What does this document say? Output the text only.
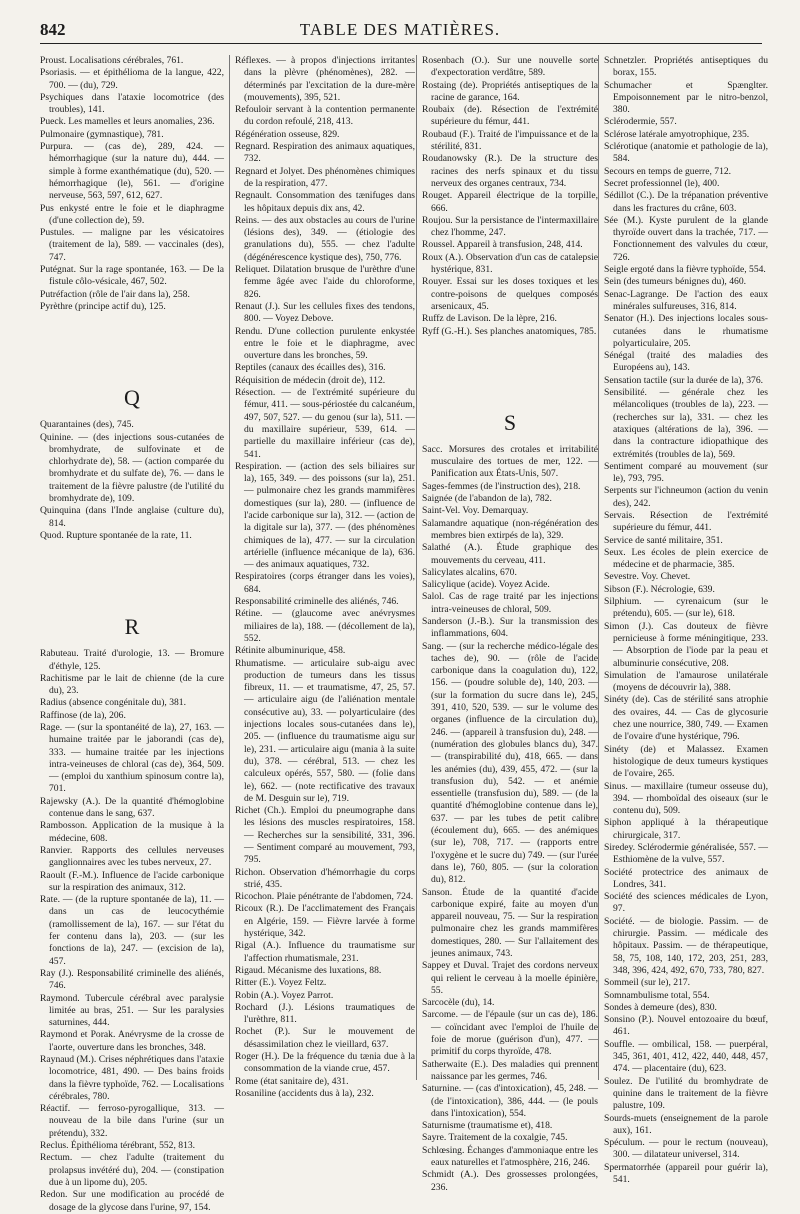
842	TABLE DES MATIÈRES.

Proust. Localisations cérébrales, 761.

Psoriasis. — et épithélioma de la langue, 422, 700. — (du), 729.

Psychiques dans l'ataxie locomotrice (des troubles), 141.

Pueck. Les mamelles et leurs anomalies, 236.

Pulmonaire (gymnastique), 781.

Purpura. — (cas de), 289, 424. — hémorrhagique (sur la nature du), 444. — simple à forme exanthématique (du), 520. — hémorrhagique (le), 561. — d'origine nerveuse, 563, 597, 612, 627.

Pus enkysté entre le foie et le diaphragme (d'une collection de), 59.

Pustules. — maligne par les vésicatoires (traitement de la), 589. — vaccinales (des), 747.

Putégnat. Sur la rage spontanée, 163. — De la fistule côlo-vésicale, 467, 502.

Putréfaction (rôle de l'air dans la), 258.

Pyrèthre (principe actif du), 125.

Q

Quarantaines (des), 745.

Quinine. — (des injections sous-cutanées de bromhydrate, de sulfovinate et de chlorhydrate de), 58. — (action comparée du bromhydrate et du sulfate de), 76. — dans le traitement de la fièvre palustre (de l'utilité du bromhydrate de), 109.

Quinquina (dans l'Inde anglaise (culture du), 814.

Quod. Rupture spontanée de la rate, 11.

R

Rabuteau. Traité d'urologie, 13. — Bromure d'éthyle, 125.

Rachitisme par le lait de chienne (de la cure du), 23.

Radius (absence congénitale du), 381.

Raffinose (de la), 206.

Rage. — (sur la spontanéité de la), 27, 163. — humaine traitée par le jaborandi (cas de), 333. — humaine traitée par les injections intra-veineuses de chloral (cas de), 364, 509. — (emploi du xanthium spinosum contre la), 701.

Rajewsky (A.). De la quantité d'hémoglobine contenue dans le sang, 637.

Rambosson. Application de la musique à la médecine, 608.

Ranvier. Rapports des cellules nerveuses ganglionnaires avec les tubes nerveux, 27.

Raoult (F.-M.). Influence de l'acide carbonique sur la respiration des animaux, 312.

Rate. — (de la rupture spontanée de la), 11. — dans un cas de leucocythémie (ramollissement de la), 167. — sur l'état du fer contenu dans la), 203. — (sur les fonctions de la), 247. — (excision de la), 457.

Ray (J.). Responsabilité criminelle des aliénés, 746.

Raymond. Tubercule cérébral avec paralysie limitée au bras, 251. — Sur les paralysies saturnines, 444.

Raymond et Porak. Anévrysme de la crosse de l'aorte, ouverture dans les bronches, 348.

Raynaud (M.). Crises néphrétiques dans l'ataxie locomotrice, 481, 490. — Des bains froids dans la fièvre typhoïde, 762. — Localisations cérébrales, 780.

Réactif. — ferroso-pyrogallique, 313. — nouveau de la bile dans l'urine (sur un prétendu), 332.

Reclus. Épithélioma térébrant, 552, 813.

Rectum. — chez l'adulte (traitement du prolapsus invétéré du), 204. — (constipation due à un lipome du), 205.

Redon. Sur une modification au procédé de dosage de la glycose dans l'urine, 97, 154.

Réflexes. — à propos d'injections irritantes dans la plèvre (phénomènes), 282. — déterminés par l'excitation de la dure-mère (mouvements), 395, 521.

Refouloir servant à la contention permanente du cordon refoulé, 218, 413.

Régénération osseuse, 829.

Regnard. Respiration des animaux aquatiques, 732.

Regnard et Jolyet. Des phénomènes chimiques de la respiration, 477.

Regnault. Consommation des tænifuges dans les hôpitaux depuis dix ans, 42.

Reins. — des aux obstacles au cours de l'urine (lésions des), 349. — (étiologie des granulations du), 555. — chez l'adulte (dégénérescence kystique des), 750, 776.

Reliquet. Dilatation brusque de l'urèthre d'une femme âgée avec l'aide du chloroforme, 826.

Renaut (J.). Sur les cellules fixes des tendons, 800. — Voyez Debove.

Rendu. D'une collection purulente enkystée entre le foie et le diaphragme, avec ouverture dans les bronches, 59.

Reptiles (canaux des écailles des), 316.

Réquisition de médecin (droit de), 112.

Résection. — de l'extrémité supérieure du fémur, 411. — sous-périostée du calcanéum, 497, 507, 527. — du genou (sur la), 511. — du maxillaire supérieur, 539, 614. — partielle du maxillaire inférieur (cas de), 541.

Respiration. — (action des sels biliaires sur la), 165, 349. — des poissons (sur la), 251. — pulmonaire chez les grands mammifères domestiques (sur la), 280. — (influence de l'acide carbonique sur la), 312. — (action de la digitale sur la), 377. — (des phénomènes chimiques de la), 477. — sur la circulation artérielle (influence mécanique de la), 636. — des animaux aquatiques, 732.

Respiratoires (corps étranger dans les voies), 684.

Responsabilité criminelle des aliénés, 746.

Rétine. — (glaucome avec anévrysmes miliaires de la), 188. — (décollement de la), 552.

Rétinite albuminurique, 458.

Rhumatisme. — articulaire sub-aigu avec production de tumeurs dans les tissus fibreux, 11. — et traumatisme, 47, 25, 57. — articulaire aigu (de l'aliénation mentale consécutive au), 33. — polyarticulaire (des injections locales sous-cutanées dans le), 205. — (influence du traumatisme aigu sur le), 231. — articulaire aigu (mania à la suite du), 378. — cérébral, 513. — chez les calculeux opérés, 557, 580. — (folie dans le), 662. — (note rectificative des travaux de M. Desguin sur le), 719.

Richet (Ch.). Emploi du pneumographe dans les lésions des muscles respiratoires, 158. — Recherches sur la sensibilité, 331, 396. — Sentiment comparé au mouvement, 793, 795.

Richon. Observation d'hémorrhagie du corps strié, 435.

Ricochon. Plaie pénétrante de l'abdomen, 724.

Ricoux (R.). De l'acclimatement des Français en Algérie, 159. — Fièvre larvée à forme hystérique, 342.

Rigal (A.). Influence du traumatisme sur l'affection rhumatismale, 231.

Rigaud. Mécanisme des luxations, 88.

Ritter (E.). Voyez Feltz.

Robin (A.). Voyez Parrot.

Rochard (J.). Lésions traumatiques de l'urèthre, 811.

Rochet (P.). Sur le mouvement de désassimilation chez le vieillard, 637.

Roger (H.). De la fréquence du tænia due à la consommation de la viande crue, 457.

Rome (état sanitaire de), 431.

Rosaniline (accidents dus à la), 232.

Rosenbach (O.). Sur une nouvelle sorte d'expectoration verdâtre, 589.

Rostaing (de). Propriétés antiseptiques de la racine de garance, 164.

Roubaix (de). Résection de l'extrémité supérieure du fémur, 441.

Roubaud (F.). Traité de l'impuissance et de la stérilité, 831.

Roudanowsky (R.). De la structure des racines des nerfs spinaux et du tissu nerveux des organes centraux, 734.

Rouget. Appareil électrique de la torpille, 666.

Roujou. Sur la persistance de l'intermaxillaire chez l'homme, 247.

Roussel. Appareil à transfusion, 248, 414.

Roux (A.). Observation d'un cas de catalepsie hystérique, 831.

Rouyer. Essai sur les doses toxiques et les contre-poisons de quelques composés arsenicaux, 45.

Ruffz de Lavison. De la lèpre, 216.

Ryff (G.-H.). Ses planches anatomiques, 785.

S

Sacc. Morsures des crotales et irritabilité musculaire des tortues de mer, 122. — Panification aux États-Unis, 507.

Sages-femmes (de l'instruction des), 218.

Saignée (de l'abandon de la), 782.

Saint-Vel. Voy. Demarquay.

Salamandre aquatique (non-régénération des membres bien extirpés de la), 329.

Salathé (A.). Étude graphique des mouvements du cerveau, 411.

Salicylates alcalins, 670.

Salicylique (acide). Voyez Acide.

Salol. Cas de rage traité par les injections intra-veineuses de chloral, 509.

Sanderson (J.-B.). Sur la transmission des inflammations, 604.

Sang. — (sur la recherche médico-légale des taches de), 90. — (rôle de l'acide carbonique dans la coagulation du), 122, 156. — (poudre soluble de), 140, 203. — (sur la formation du sucre dans le), 245, 391, 410, 520, 539. — sur le volume des organes (influence de la circulation du), 246. — (appareil à transfusion du), 248. — (numération des globules blancs du), 347. — (transpirabilité du), 418, 665. — dans les anémies (du), 439, 455, 472. — (sur la transfusion du), 542. — et anémie essentielle (transfusion du), 589. — (de la quantité d'hémoglobine contenue dans le), 637. — par les tubes de petit calibre (écoulement du), 665. — des anémiques (sur le), 708, 717. — (rapports entre l'oxygène et le sucre du) 749. — (sur l'urée dans le), 760, 805. — (sur la coloration du), 812.

Sanson. Étude de la quantité d'acide carbonique expiré, faite au moyen d'un appareil nouveau, 75. — Sur la respiration pulmonaire chez les grands mammifères domestiques, 280. — Sur l'allaitement des jeunes animaux, 743.

Sappey et Duval. Trajet des cordons nerveux qui relient le cerveau à la moelle épinière, 55.

Sarcocèle (du), 14.

Sarcome. — de l'épaule (sur un cas de), 186. — coïncidant avec l'emploi de l'huile de foie de morue (guérison d'un), 477. — primitif du corps thyroïde, 478.

Satherwaite (E.). Des maladies qui prennent naissance par les germes, 746.

Saturnine. — (cas d'intoxication), 45, 248. — (de l'intoxication), 386, 444. — (le pouls dans l'intoxication), 554.

Saturnisme (traumatisme et), 418.

Sayre. Traitement de la coxalgie, 745.

Schlœsing. Échanges d'ammoniaque entre les eaux naturelles et l'atmosphère, 216, 246.

Schmidt (A.). Des grossesses prolongées, 236.

Schnetzler. Propriétés antiseptiques du borax, 155.

Schumacher et Spænglter. Empoisonnement par le nitro-benzol, 380.

Sclérodermie, 557.

Sclérose latérale amyotrophique, 235.

Sclérotique (anatomie et pathologie de la), 584.

Secours en temps de guerre, 712.

Secret professionnel (le), 400.

Sédillot (C.). De la trépanation préventive dans les fractures du crâne, 603.

Sée (M.). Kyste purulent de la glande thyroïde ouvert dans la trachée, 717. — Fonctionnement des valvules du cœur, 726.

Seigle ergoté dans la fièvre typhoïde, 554.

Sein (des tumeurs bénignes du), 460.

Senac-Lagrange. De l'action des eaux minérales sulfureuses, 316, 814.

Senator (H.). Des injections locales sous-cutanées dans le rhumatisme polyarticulaire, 205.

Sénégal (traité des maladies des Européens au), 143.

Sensation tactile (sur la durée de la), 376.

Sensibilité. — générale chez les mélancoliques (troubles de la), 223. — (recherches sur la), 331. — chez les ataxiques (altérations de la), 396. — dans la contracture idiopathique des extrémités (troubles de la), 569.

Sentiment comparé au mouvement (sur le), 793, 795.

Serpents sur l'ichneumon (action du venin des), 242.

Servais. Résection de l'extrémité supérieure du fémur, 441.

Service de santé militaire, 351.

Seux. Les écoles de plein exercice de médecine et de pharmacie, 385.

Sevestre. Voy. Chevet.

Sibson (F.). Nécrologie, 639.

Silphium. — cyrenaicum (sur le prétendu), 605. — (sur le), 618.

Simon (J.). Cas douteux de fièvre pernicieuse à forme méningitique, 233. — Absorption de l'iode par la peau et albuminurie consécutive, 208.

Simulation de l'amaurose unilatérale (moyens de découvrir la), 388.

Sinéty (de). Cas de stérilité sans atrophie des ovaires, 44. — Cas de glycosurie chez une nourrice, 380, 749. — Examen de l'ovaire d'une hystérique, 796.

Sinéty (de) et Malassez. Examen histologique de deux tumeurs kystiques de l'ovaire, 265.

Sinus. — maxillaire (tumeur osseuse du), 394. — rhomboïdal des oiseaux (sur le contenu du), 509.

Siphon appliqué à la thérapeutique chirurgicale, 317.

Siredey. Sclérodermie généralisée, 557. — Esthiomène de la vulve, 557.

Société protectrice des animaux de Londres, 341.

Société des sciences médicales de Lyon, 97.

Société. — de biologie. Passim. — de chirurgie. Passim. — médicale des hôpitaux. Passim. — de thérapeutique, 58, 75, 108, 140, 172, 203, 251, 283, 348, 396, 424, 492, 670, 733, 780, 827.

Sommeil (sur le), 217.

Somnambulisme total, 554.

Sondes à demeure (des), 830.

Sonsino (P.). Nouvel entozoaire du bœuf, 461.

Souffle. — ombilical, 158. — puerpéral, 345, 361, 401, 412, 422, 440, 448, 457, 474. — placentaire (du), 623.

Soulez. De l'utilité du bromhydrate de quinine dans le traitement de la fièvre palustre, 109.

Sourds-muets (enseignement de la parole aux), 161.

Spéculum. — pour le rectum (nouveau), 300. — dilatateur universel, 314.

Spermatorrhée (appareil pour guérir la), 541.
